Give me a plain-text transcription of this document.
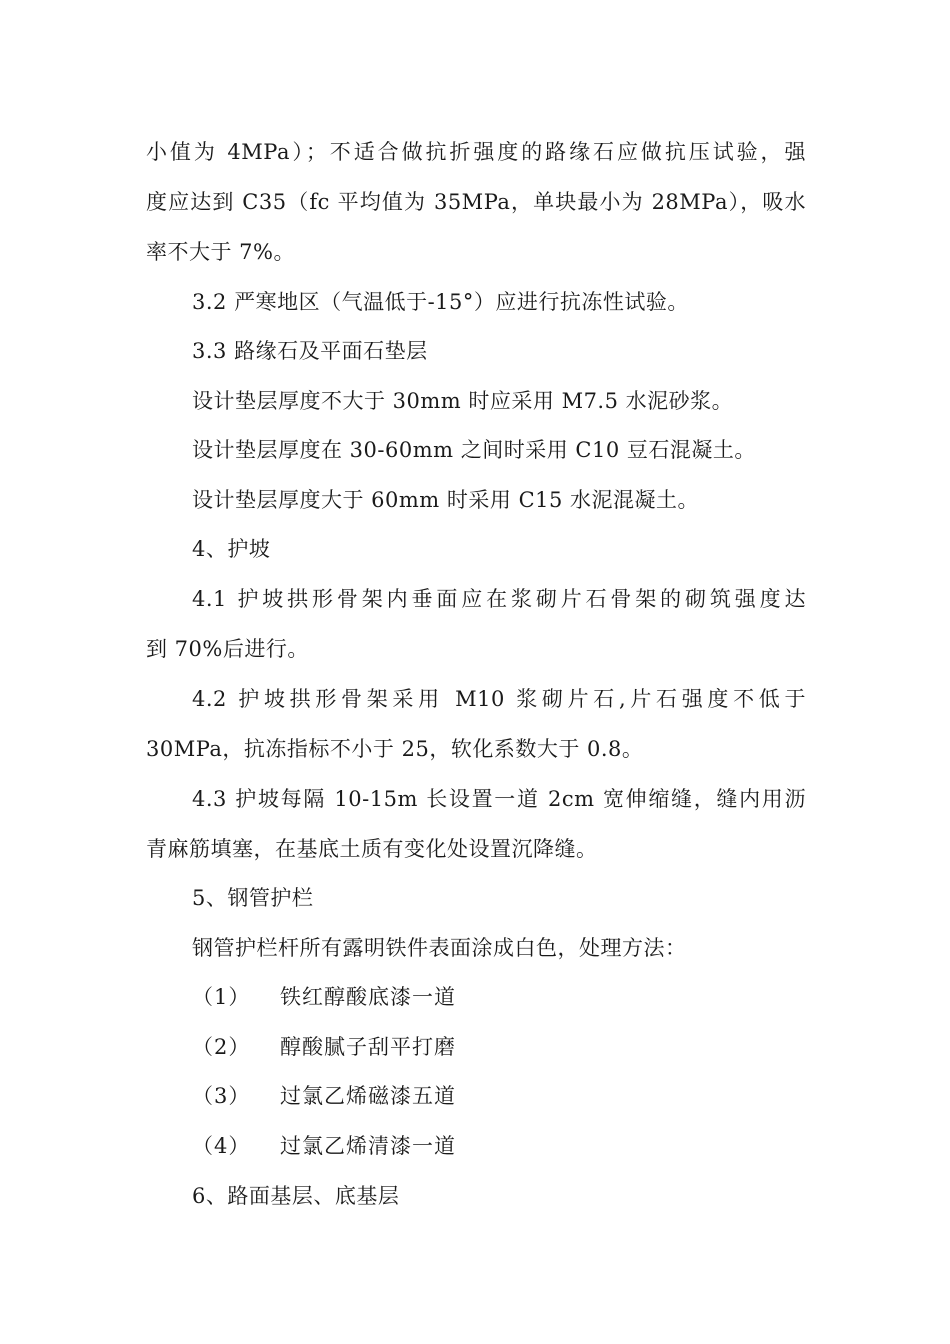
小值为 4MPa）；不适合做抗折强度的路缘石应做抗压试验，强
度应达到 C35（fc 平均值为 35MPa，单块最小为 28MPa），吸水
率不大于 7%。
3.2 严寒地区（气温低于-15°）应进行抗冻性试验。
3.3 路缘石及平面石垫层
设计垫层厚度不大于 30mm 时应采用 M7.5 水泥砂浆。
设计垫层厚度在 30-60mm 之间时采用 C10 豆石混凝土。
设计垫层厚度大于 60mm 时采用 C15 水泥混凝土。
4、护坡
4.1 护坡拱形骨架内垂面应在浆砌片石骨架的砌筑强度达
到 70%后进行。
4.2 护坡拱形骨架采用 M10 浆砌片石,片石强度不低于
30MPa，抗冻指标不小于 25，软化系数大于 0.8。
4.3 护坡每隔 10-15m 长设置一道 2cm 宽伸缩缝，缝内用沥
青麻筋填塞，在基底土质有变化处设置沉降缝。
5、钢管护栏
钢管护栏杆所有露明铁件表面涂成白色，处理方法：
（1） 铁红醇酸底漆一道
（2） 醇酸腻子刮平打磨
（3） 过氯乙烯磁漆五道
（4） 过氯乙烯清漆一道
6、路面基层、底基层
